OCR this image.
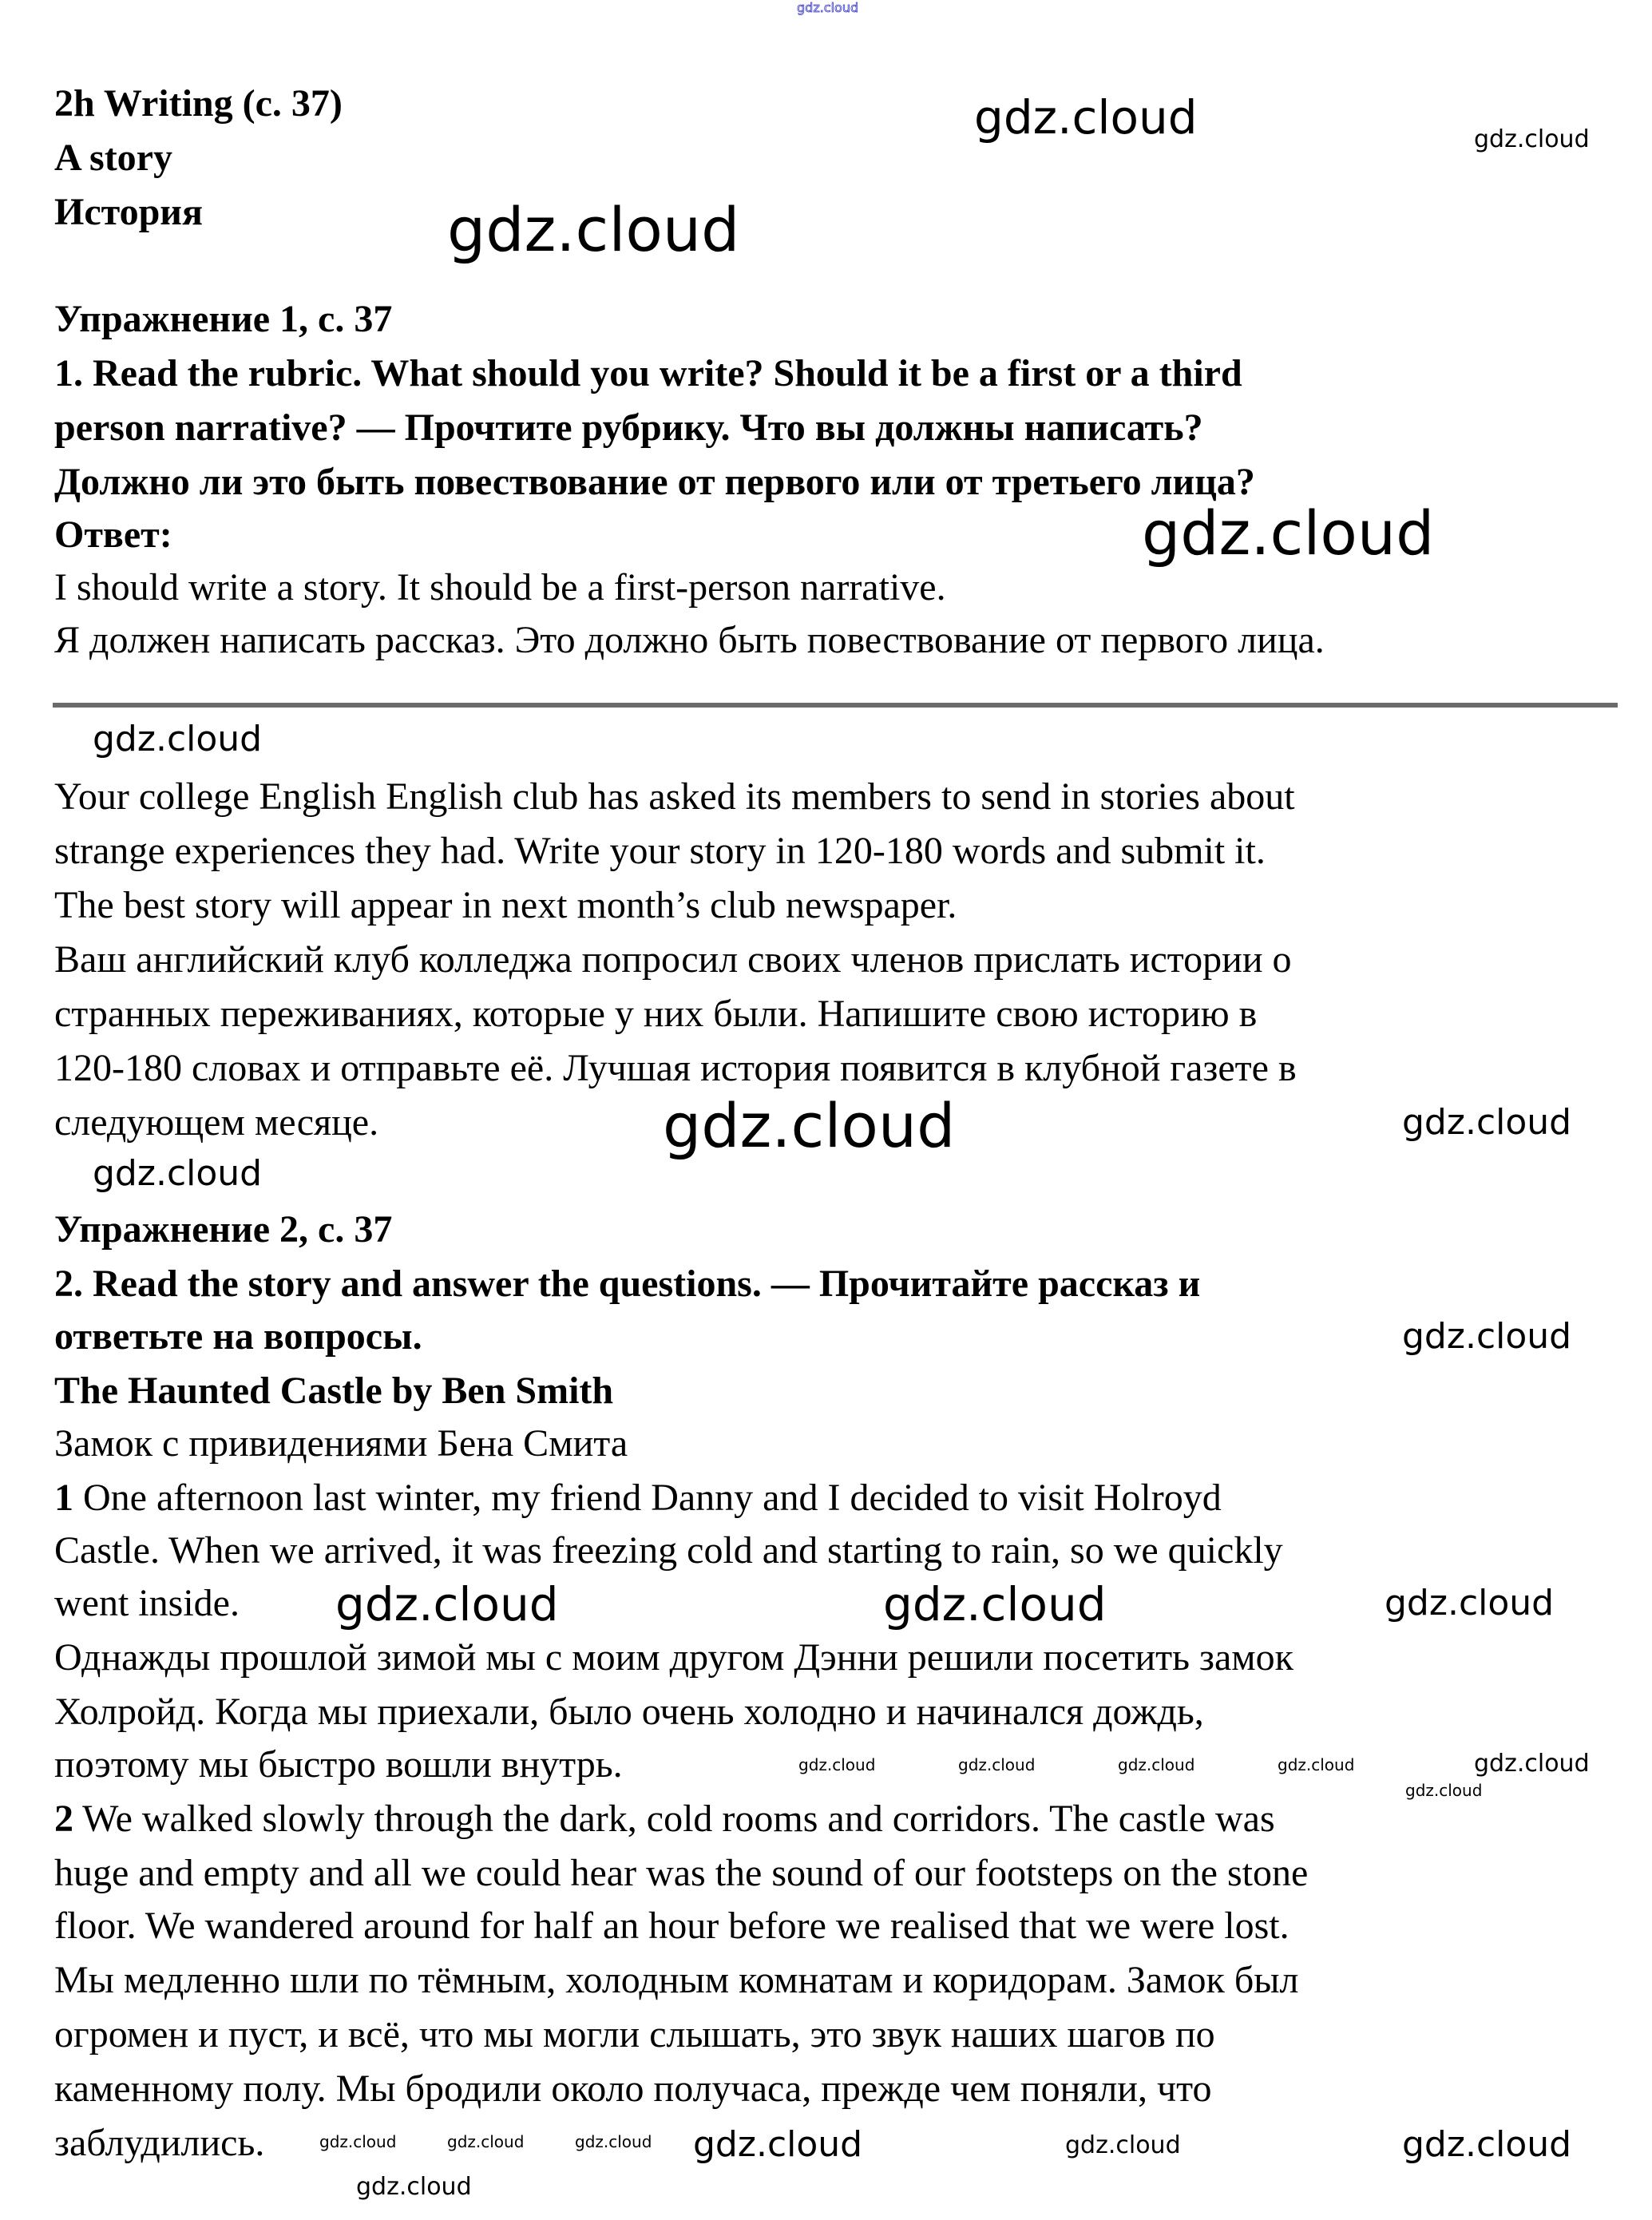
gdz.cloud
2h Writing (с. 37)
A story
История
Упражнение 1, с. 37
1. Read the rubric. What should you write? Should it be a first or a third
person narrative? — Прочтите рубрику. Что вы должны написать?
Должно ли это быть повествование от первого или от третьего лица?
Ответ:
I should write a story. It should be a first-person narrative.
Я должен написать рассказ. Это должно быть повествование от первого лица.
Your college English English club has asked its members to send in stories about
strange experiences they had. Write your story in 120-180 words and submit it.
The best story will appear in next month’s club newspaper.
Ваш английский клуб колледжа попросил своих членов прислать истории о
странных переживаниях, которые у них были. Напишите свою историю в
120-180 словах и отправьте её. Лучшая история появится в клубной газете в
следующем месяце.
Упражнение 2, с. 37
2. Read the story and answer the questions. — Прочитайте рассказ и
ответьте на вопросы.
The Haunted Castle by Ben Smith
Замок с привидениями Бена Смита
1 One afternoon last winter, my friend Danny and I decided to visit Holroyd
Castle. When we arrived, it was freezing cold and starting to rain, so we quickly
went inside.
Однажды прошлой зимой мы с моим другом Дэнни решили посетить замок
Холройд. Когда мы приехали, было очень холодно и начинался дождь,
поэтому мы быстро вошли внутрь.
2 We walked slowly through the dark, cold rooms and corridors. The castle was
huge and empty and all we could hear was the sound of our footsteps on the stone
floor. We wandered around for half an hour before we realised that we were lost.
Мы медленно шли по тёмным, холодным комнатам и коридорам. Замок был
огромен и пуст, и всё, что мы могли слышать, это звук наших шагов по
каменному полу. Мы бродили около получаса, прежде чем поняли, что
заблудились.
gdz.cloud	gdz.cloud
gdz.cloud
gdz.cloud
gdz.cloud
gdz.cloud	gdz.cloud
gdz.cloud
gdz.cloud
gdz.cloud	gdz.cloud	gdz.cloud
gdz.cloud
gdz.cloud	gdz.cloud	gdz.cloud	gdz.cloud
gdz.cloud
gdz.cloud	gdz.cloud	gdz.cloud
gdz.cloud
gdz.cloud	gdz.cloud	gdz.cloud
